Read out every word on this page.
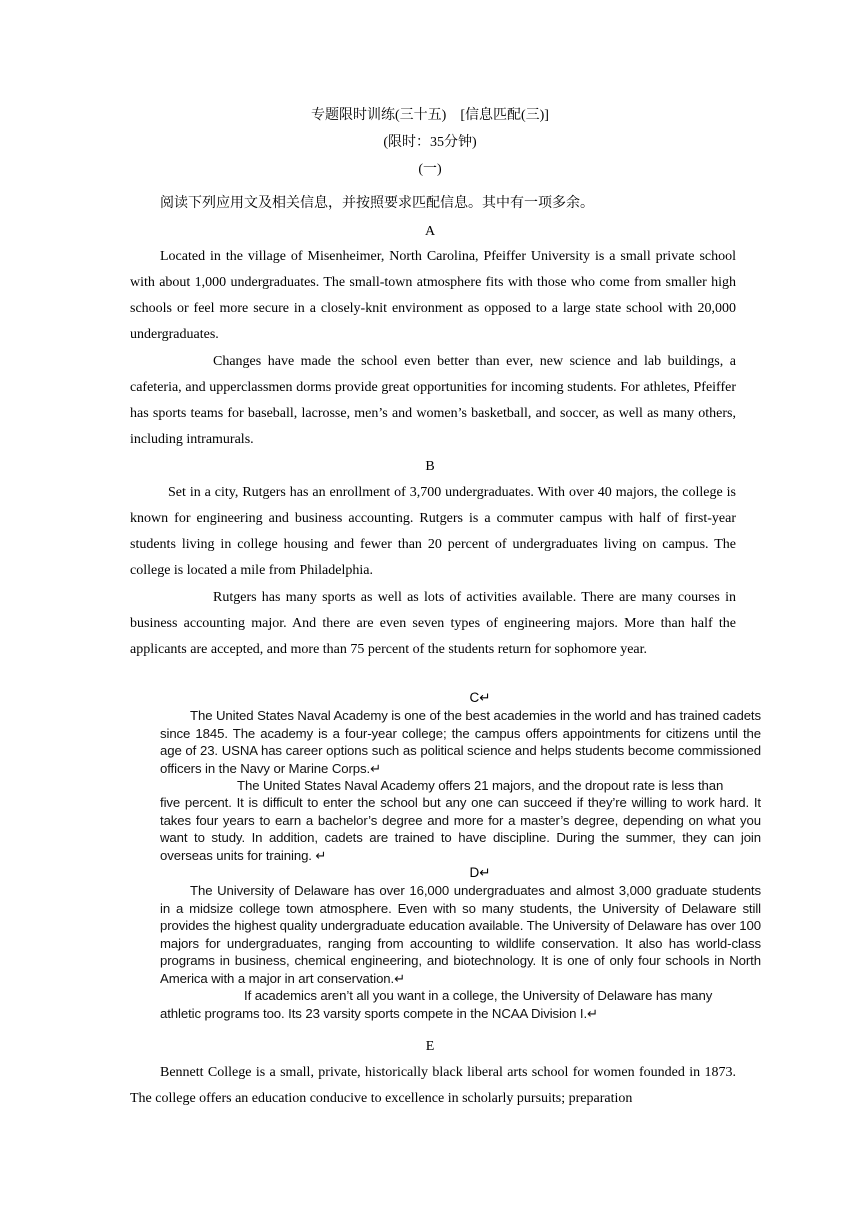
专题限时训练(三十五)    [信息匹配(三)]
(限时：35分钟)
(一)
阅读下列应用文及相关信息，并按照要求匹配信息。其中有一项多余。
A
Located in the village of Misenheimer, North Carolina, Pfeiffer University is a small private school with about 1,000 undergraduates. The small-town atmosphere fits with those who come from smaller high schools or feel more secure in a closely-knit environment as opposed to a large state school with 20,000 undergraduates.
Changes have made the school even better than ever, new science and lab buildings, a cafeteria, and upperclassmen dorms provide great opportunities for incoming students. For athletes, Pfeiffer has sports teams for baseball, lacrosse, men’s and women’s basketball, and soccer, as well as many others, including intramurals.
B
Set in a city, Rutgers has an enrollment of 3,700 undergraduates. With over 40 majors, the college is known for engineering and business accounting. Rutgers is a commuter campus with half of first-year students living in college housing and fewer than 20 percent of undergraduates living on campus. The college is located a mile from Philadelphia.
Rutgers has many sports as well as lots of activities available. There are many courses in business accounting major. And there are even seven types of engineering majors. More than half the applicants are accepted, and more than 75 percent of the students return for sophomore year.
C↵
The United States Naval Academy is one of the best academies in the world and has trained cadets since 1845. The academy is a four-year college; the campus offers appointments for citizens until the age of 23. USNA has career options such as political science and helps students become commissioned officers in the Navy or Marine Corps.↵
The United States Naval Academy offers 21 majors, and the dropout rate is less than
five percent. It is difficult to enter the school but any one can succeed if they’re willing to work hard. It takes four years to earn a bachelor’s degree and more for a master’s degree, depending on what you want to study. In addition, cadets are trained to have discipline. During the summer, they can join overseas units for training. ↵
D↵
The University of Delaware has over 16,000 undergraduates and almost 3,000 graduate students in a midsize college town atmosphere. Even with so many students, the University of Delaware still provides the highest quality undergraduate education available. The University of Delaware has over 100 majors for undergraduates, ranging from accounting to wildlife conservation. It also has world-class programs in business, chemical engineering, and biotechnology. It is one of only four schools in North America with a major in art conservation.↵
If academics aren’t all you want in a college, the University of Delaware has many
athletic programs too. Its 23 varsity sports compete in the NCAA Division I.↵
E
Bennett College is a small, private, historically black liberal arts school for women founded in 1873. The college offers an education conducive to excellence in scholarly pursuits; preparation
